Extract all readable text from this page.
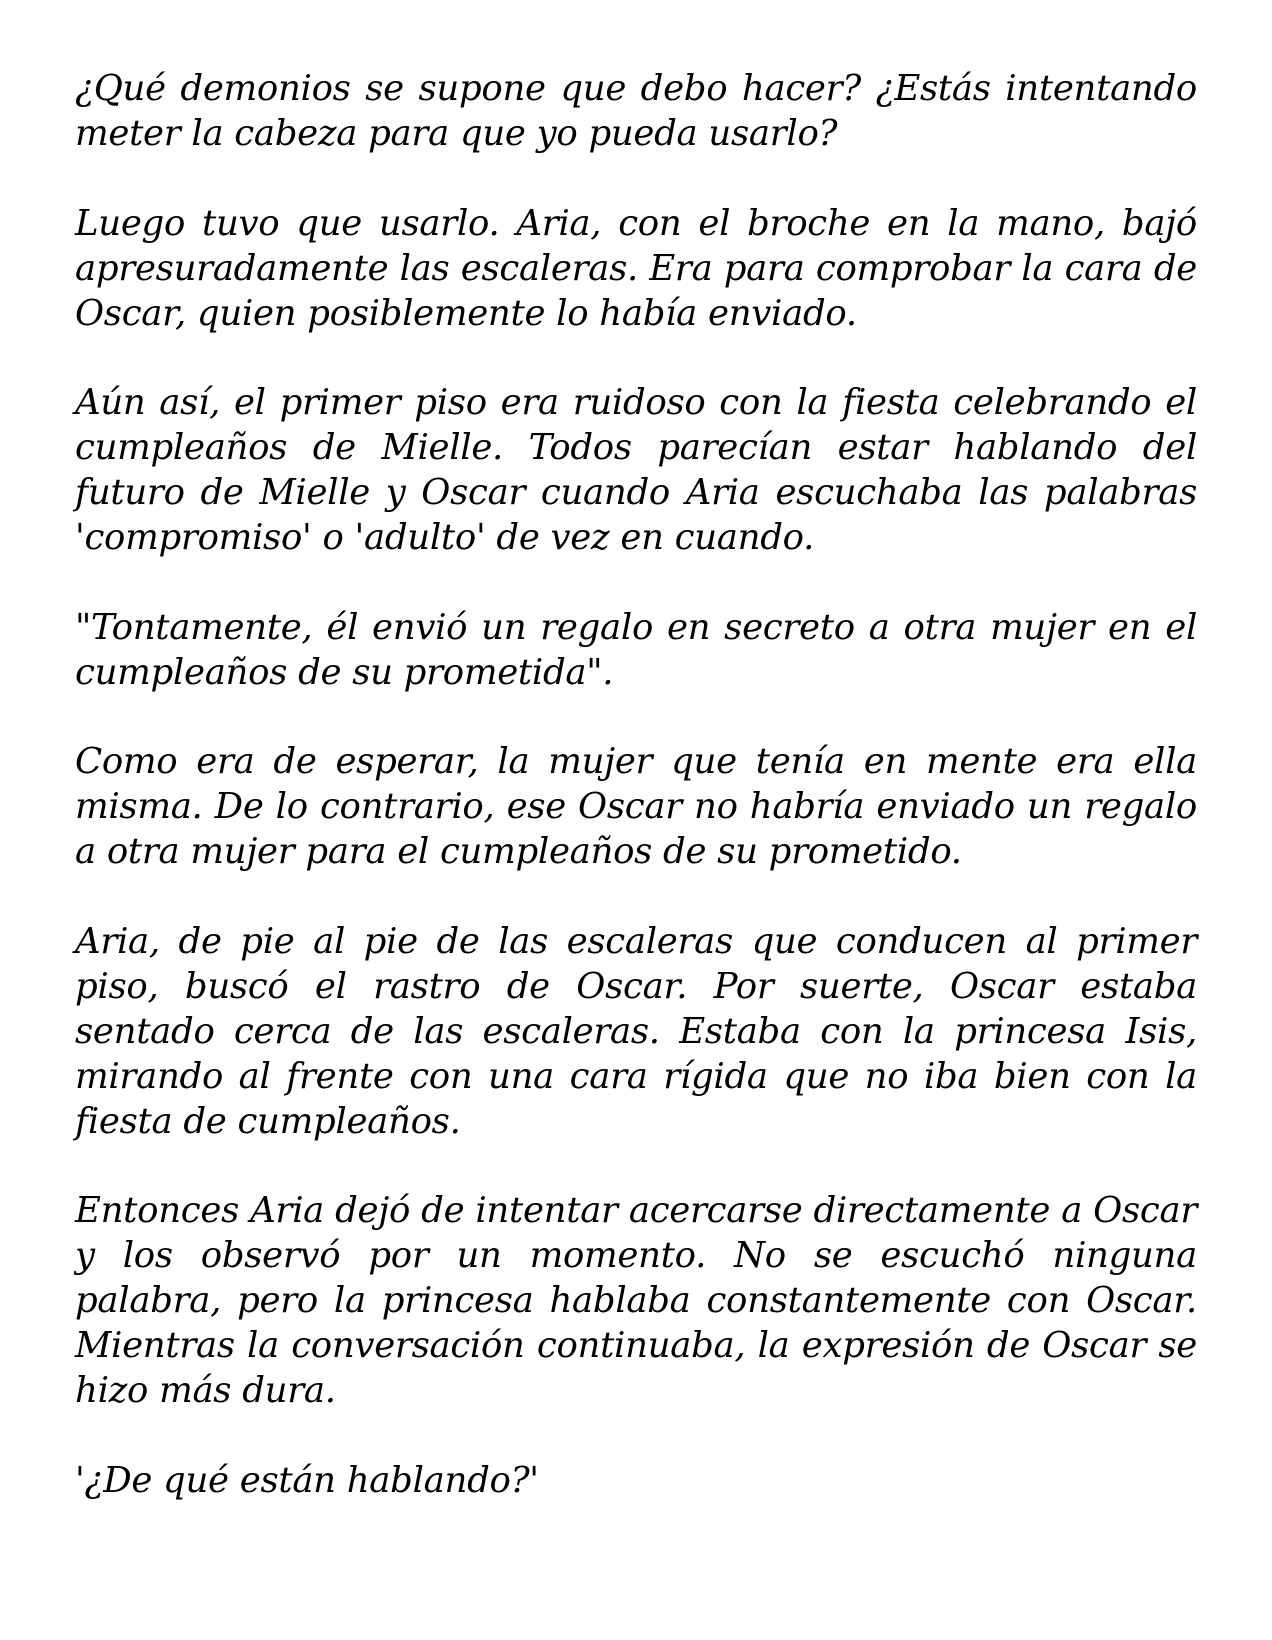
¿Qué demonios se supone que debo hacer? ¿Estás intentando meter la cabeza para que yo pueda usarlo?

Luego tuvo que usarlo. Aria, con el broche en la mano, bajó apresuradamente las escaleras. Era para comprobar la cara de Oscar, quien posiblemente lo había enviado.

Aún así, el primer piso era ruidoso con la fiesta celebrando el cumpleaños de Mielle. Todos parecían estar hablando del futuro de Mielle y Oscar cuando Aria escuchaba las palabras 'compromiso' o 'adulto' de vez en cuando.

"Tontamente, él envió un regalo en secreto a otra mujer en el cumpleaños de su prometida".

Como era de esperar, la mujer que tenía en mente era ella misma. De lo contrario, ese Oscar no habría enviado un regalo a otra mujer para el cumpleaños de su prometido.

Aria, de pie al pie de las escaleras que conducen al primer piso, buscó el rastro de Oscar. Por suerte, Oscar estaba sentado cerca de las escaleras. Estaba con la princesa Isis, mirando al frente con una cara rígida que no iba bien con la fiesta de cumpleaños.

Entonces Aria dejó de intentar acercarse directamente a Oscar y los observó por un momento. No se escuchó ninguna palabra, pero la princesa hablaba constantemente con Oscar. Mientras la conversación continuaba, la expresión de Oscar se hizo más dura.

'¿De qué están hablando?'
